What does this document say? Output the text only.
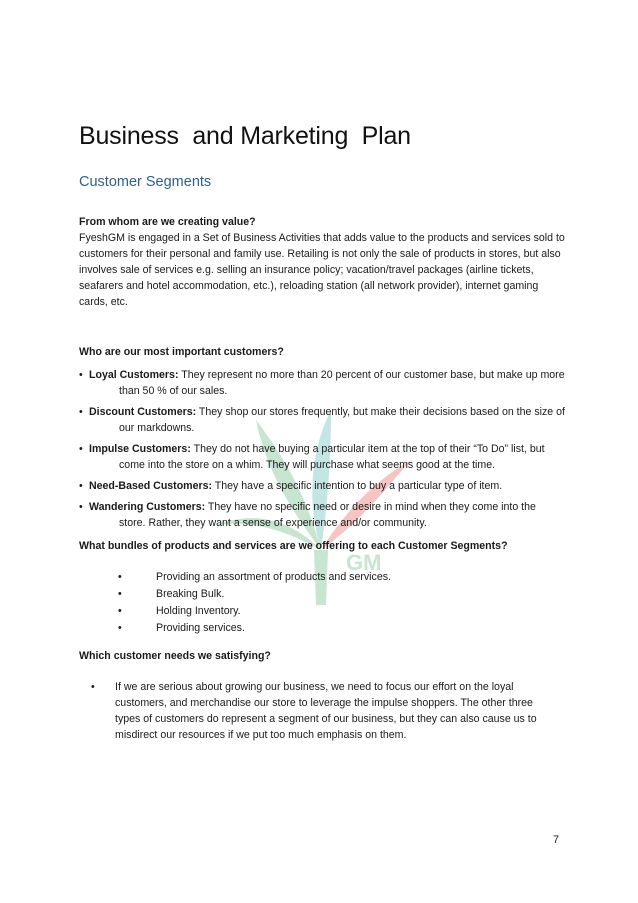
GM
Business  and Marketing  Plan
Customer Segments

From whom are we creating value?

FyeshGM is engaged in a Set of Business Activities that adds value to the products and services sold to customers for their personal and family use. Retailing is not only the sale of products in stores, but also involves sale of services e.g. selling an insurance policy; vacation/travel packages (airline tickets, seafarers and hotel accommodation, etc.), reloading station (all network provider), internet gaming cards, etc.

Who are our most important customers?

• Loyal Customers: They represent no more than 20 percent of our customer base, but make up more than 50 % of our sales.
• Discount Customers: They shop our stores frequently, but make their decisions based on the size of our markdowns.
• Impulse Customers: They do not have buying a particular item at the top of their “To Do” list, but come into the store on a whim. They will purchase what seems good at the time.
• Need-Based Customers: They have a specific intention to buy a particular type of item.
• Wandering Customers: They have no specific need or desire in mind when they come into the store. Rather, they want a sense of experience and/or community.

What bundles of products and services are we offering to each Customer Segments?

•	Providing an assortment of products and services.
•	Breaking Bulk.
•	Holding Inventory.
•	Providing services.

Which customer needs we satisfying?

• If we are serious about growing our business, we need to focus our effort on the loyal customers, and merchandise our store to leverage the impulse shoppers. The other three types of customers do represent a segment of our business, but they can also cause us to misdirect our resources if we put too much emphasis on them.
7
